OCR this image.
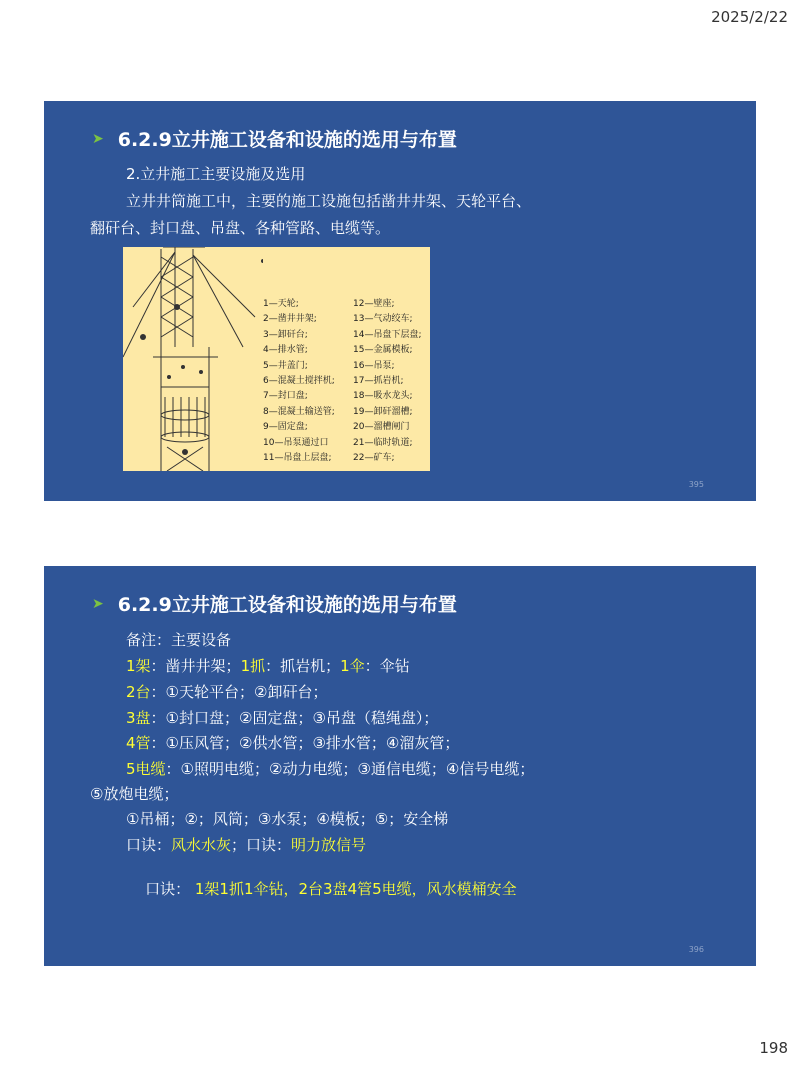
2025/2/22
➤ 6.2.9立井施工设备和设施的选用与布置
2.立井施工主要设施及选用
立井井筒施工中，主要的施工设施包括凿井井架、天轮平台、
翻矸台、封口盘、吊盘、各种管路、电缆等。
1—天轮;
2—凿井井架;
3—卸矸台;
4—排水管;
5—井盖门;
6—混凝土搅拌机;
7—封口盘;
8—混凝土输送管;
9—固定盘;
10—吊泵通过口
11—吊盘上层盘;
12—壁座;
13—气动绞车;
14—吊盘下层盘;
15—金属模板;
16—吊泵;
17—抓岩机;
18—吸水龙头;
19—卸矸溜槽;
20—溜槽闸门
21—临时轨道;
22—矿车;
395
➤ 6.2.9立井施工设备和设施的选用与布置
备注：主要设备
1架：凿井井架；1抓：抓岩机；1伞：伞钻
2台：①天轮平台；②卸矸台；
3盘：①封口盘；②固定盘；③吊盘（稳绳盘）；
4管：①压风管；②供水管；③排水管；④溜灰管；
5电缆：①照明电缆；②动力电缆；③通信电缆；④信号电缆；
⑤放炮电缆；
①吊桶；②；风筒；③水泵；④模板；⑤；安全梯
口诀：风水水灰；口诀：明力放信号

口诀： 1架1抓1伞钻，2台3盘4管5电缆，风水模桶安全

396
198
